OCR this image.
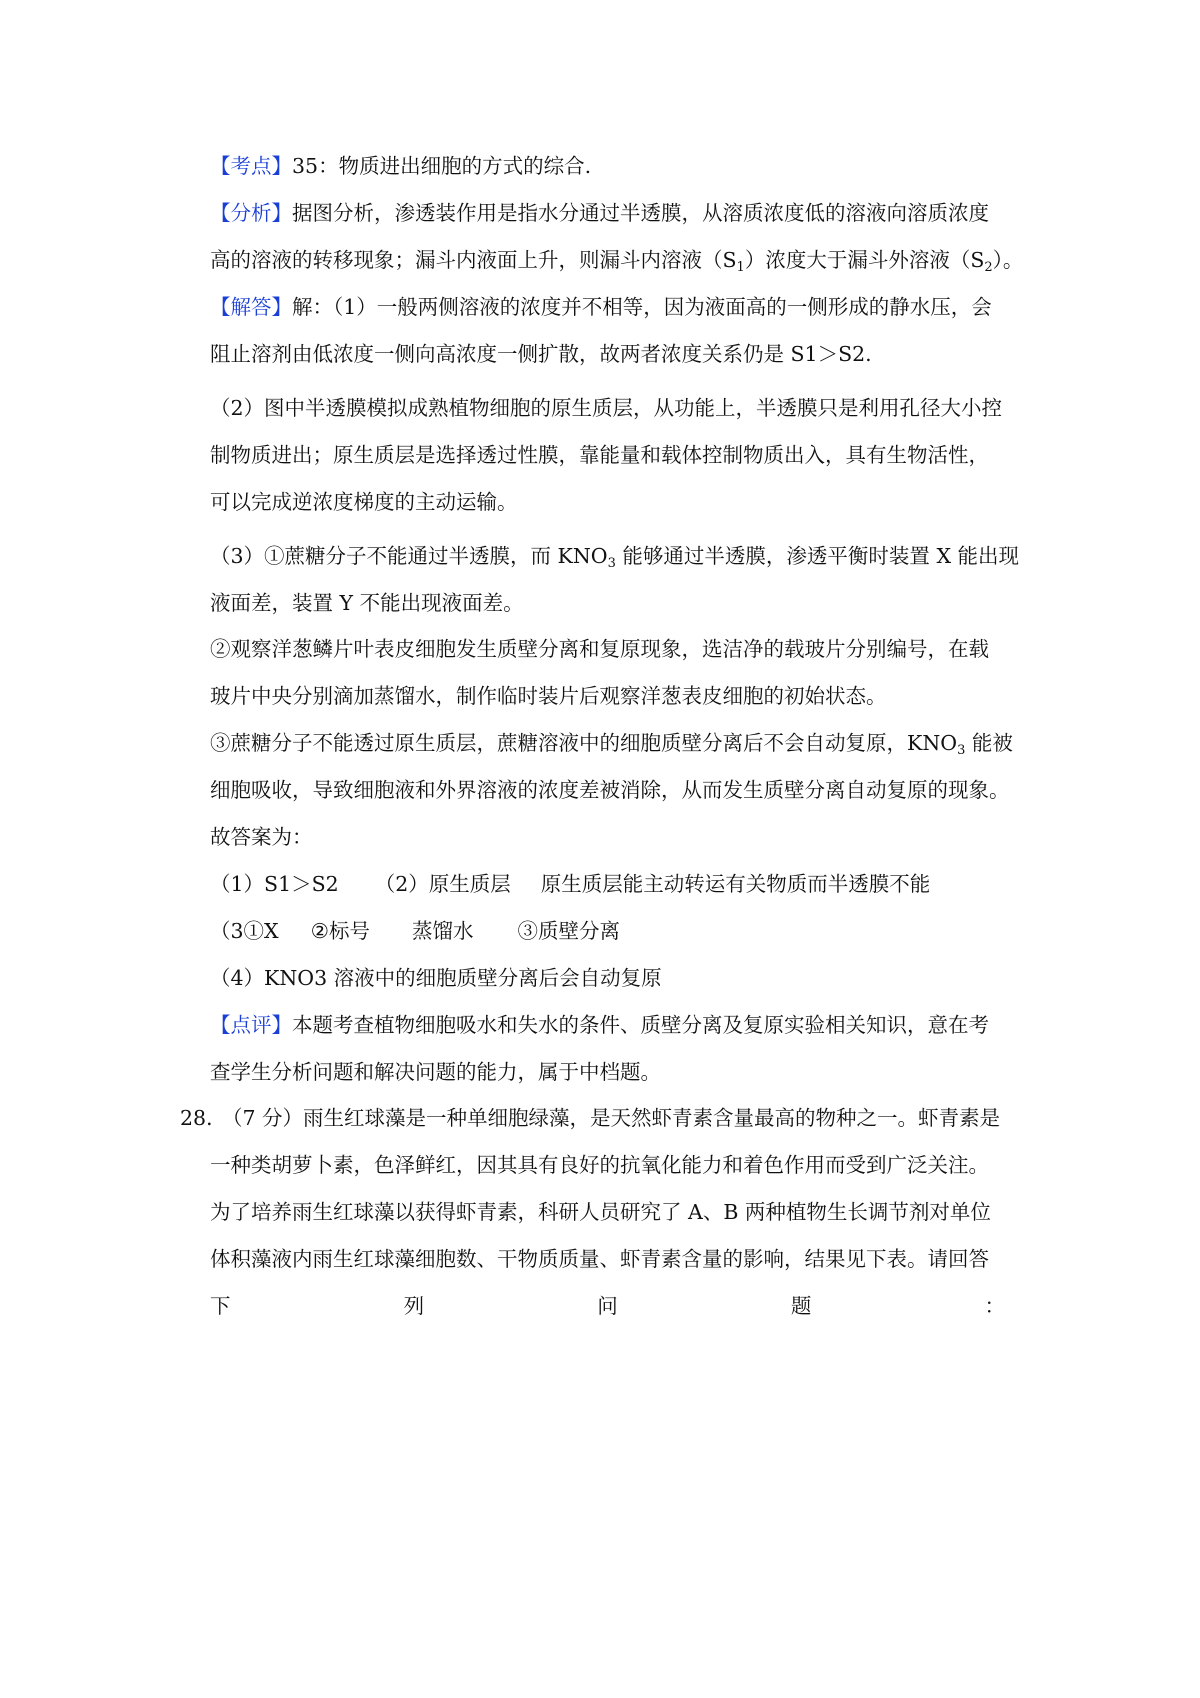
【考点】35：物质进出细胞的方式的综合.
【分析】据图分析，渗透装作用是指水分通过半透膜，从溶质浓度低的溶液向溶质浓度
高的溶液的转移现象；漏斗内液面上升，则漏斗内溶液$(S_1)$浓度大于漏斗外溶液$(S_2)$。
【解答】解：（1）一般两侧溶液的浓度并不相等，因为液面高的一侧形成的静水压，会
阻止溶剂由低浓度一侧向高浓度一侧扩散，故两者浓度关系仍是 S1＞S2.
（2）图中半透膜模拟成熟植物细胞的原生质层，从功能上，半透膜只是利用孔径大小控
制物质进出；原生质层是选择透过性膜，靠能量和载体控制物质出入，具有生物活性，
可以完成逆浓度梯度的主动运输。
（3）①蔗糖分子不能通过半透膜，而 $KNO_3$ 能够通过半透膜，渗透平衡时装置 X 能出现
液面差，装置 Y 不能出现液面差。
②观察洋葱鳞片叶表皮细胞发生质壁分离和复原现象，选洁净的载玻片分别编号，在载
玻片中央分别滴加蒸馏水，制作临时装片后观察洋葱表皮细胞的初始状态。
③蔗糖分子不能透过原生质层，蔗糖溶液中的细胞质壁分离后不会自动复原，$KNO_3$ 能被
细胞吸收，导致细胞液和外界溶液的浓度差被消除，从而发生质壁分离自动复原的现象。
故答案为：
（1）S1＞S2 （2）原生质层 原生质层能主动转运有关物质而半透膜不能
（3①X ②标号 蒸馏水 ③质壁分离
（4）KNO3 溶液中的细胞质壁分离后会自动复原
【点评】本题考查植物细胞吸水和失水的条件、质壁分离及复原实验相关知识，意在考
查学生分析问题和解决问题的能力，属于中档题。
28．
（7 分）雨生红球藻是一种单细胞绿藻，是天然虾青素含量最高的物种之一。虾青素是
一种类胡萝卜素，色泽鲜红，因其具有良好的抗氧化能力和着色作用而受到广泛关注。
为了培养雨生红球藻以获得虾青素，科研人员研究了 A、B 两种植物生长调节剂对单位
体积藻液内雨生红球藻细胞数、干物质质量、虾青素含量的影响，结果见下表。请回答
下	列	问	题	：
